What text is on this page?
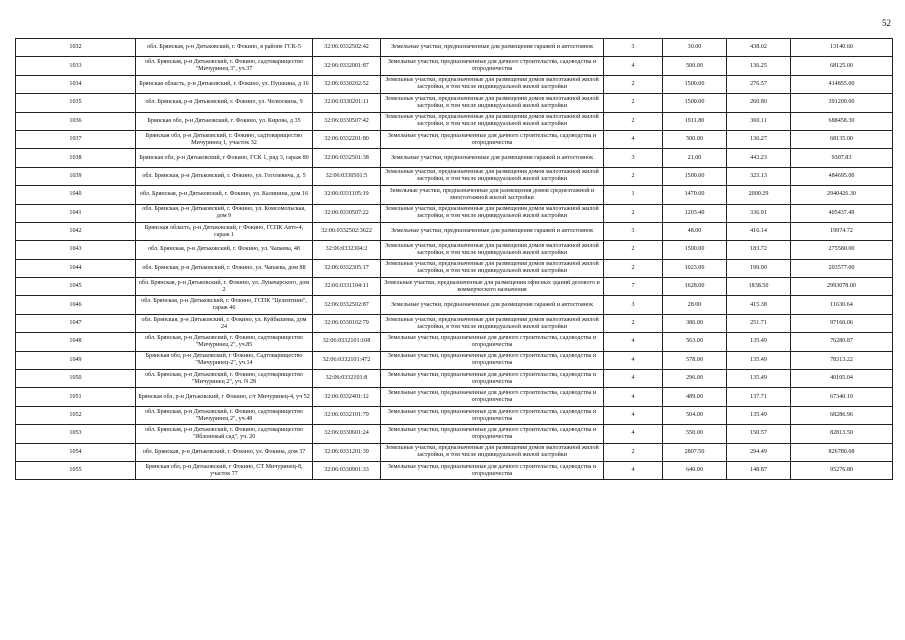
52
1032	обл. Брянская, р-н Дятьковский, г. Фокино, в районе ГСК-5	32:06:0332502:42	Земельные участки, предназначенные для размещения гаражей и автостоянок	3	30.00	438.02	13140.60
1033	обл. Брянская, р-н Дятьковский, г. Фокино, садтоварищество "Мичуринец 3", уч.37	32:06:0332001:87	Земельные участки, предназначенные для дачного строительства, садоводства и огородничества	4	500.00	136.25	68125.00
1034	Брянская область, р-н Дятьковский, г. Фокино, ул. Пушкина, д 16	32:06:0330202:52	Земельные участки, предназначенные для размещения домов малоэтажной жилой застройки, в том числе индивидуальной жилой застройки	2	1500.00	276.57	414855.00
1035	обл. Брянская, р-н Дятьковский, г. Фокино, ул. Челюскина, 9	32:06:0330201:11	Земельные участки, предназначенные для размещения домов малоэтажной жилой застройки, в том числе индивидуальной жилой застройки	2	1500.00	260.80	391200.00
1036	Брянская обл, р-н Дятьковский, г. Фокино, ул. Кирова, д 35	32:06:0330507:42	Земельные участки, предназначенные для размещения домов малоэтажной жилой застройки, в том числе индивидуальной жилой застройки	2	1911.80	360.11	688458.30
1037	Брянская обл, р-н Дятьковский, г. Фокино, садтоварищество Мичуринец 1, участок 32	32:06:0332201:80	Земельные участки, предназначенные для дачного строительства, садоводства и огородничества	4	500.00	136.27	68135.00
1038	Брянская обл, р-н Дятьковский, г Фокино, ГСК 1, ряд 3, гараж 80	32:06:0332501:38	Земельные участки, предназначенные для размещения гаражей и автостоянок	3	21.00	443.23	9307.83
1039	обл. Брянская, р-н Дятьковский, г. Фокино, ул. Гоголевича, д. 5	32:06:0330501:5	Земельные участки, предназначенные для размещения домов малоэтажной жилой застройки, в том числе индивидуальной жилой застройки	2	1500.00	323.13	484695.00
1040	обл. Брянская, р-н Дятьковский, г. Фокино, ул. Калинина, дом 16	32:06:0331105:19	Земельные участки, предназначенные для размещения домов среднеэтажной и многоэтажной жилой застройки	1	1470.00	2000.29	2940426.30
1041	обл. Брянская, р-н Дятьковский, г. Фокино, ул. Комсомольская, дом 9	32:06:0330507:22	Земельные участки, предназначенные для размещения домов малоэтажной жилой застройки, в том числе индивидуальной жилой застройки	2	1203.40	336.91	405437.49
1042	Брянская область, р-н Дятьковский, г Фокино, ГСПК Авто-4, гараж 1	32:06:0332502:3622	Земельные участки, предназначенные для размещения гаражей и автостоянок	3	48.00	416.14	19974.72
1043	обл. Брянская, р-н Дятьковский, г. Фокино, ул. Чапаева, 48	32:06:0332304:2	Земельные участки, предназначенные для размещения домов малоэтажной жилой застройки, в том числе индивидуальной жилой застройки	2	1500.00	183.72	275580.00
1044	обл. Брянская, р-н Дятьковский, г. Фокино, ул. Чапаева, дом 88	32:06:0332305:17	Земельные участки, предназначенные для размещения домов малоэтажной жилой застройки, в том числе индивидуальной жилой застройки	2	1023.00	199.00	203577.00
1045	обл. Брянская, р-н Дятьковский, г. Фокино, ул. Луначарского, дом 2	32:06:0331104:11	Земельные участки, предназначенные для размещения офисных зданий делового и коммерческого назначения	7	1628.00	1838.50	2993078.00
1046	обл. Брянская, р-н Дятьковский, г. Фокино, ГСПК "Целентиин", гараж 46	32:06:0332502:87	Земельные участки, предназначенные для размещения гаражей и автостоянок	3	28.00	415.38	11630.64
1047	обл. Брянская, р-н Дятьковский, г. Фокино, ул. Куйбышева, дом 24	32:06:0330102:79	Земельные участки, предназначенные для размещения домов малоэтажной жилой застройки, в том числе индивидуальной жилой застройки	2	386.00	251.71	97160.06
1048	обл. Брянская, р-н Дятьковский, г. Фокино, садтоварищество "Мичуринец 2", уч.85	32:06:0332101:108	Земельные участки, предназначенные для дачного строительства, садоводства и огородничества	4	563.00	135.49	76280.87
1049	Брянская обл, р-н Дятьковский, г Фокино, Садтоварищество "Мичуринец-2", уч.14	32:06:0332101:472	Земельные участки, предназначенные для дачного строительства, садоводства и огородничества	4	578.00	135.49	78313.22
1050	обл. Брянская, р-н Дятьковский, г. Фокино, садтоварищество "Мичуринец 2", уч. N 28	32:06:0332101:8	Земельные участки, предназначенные для дачного строительства, садоводства и огородничества	4	296.00	135.49	40105.04
1051	Брянская обл, р-н Дятьковский, г Фокино, с/т Мичуринец-4, уч 52	32:06:0332401:12	Земельные участки, предназначенные для дачного строительства, садоводства и огородничества	4	489.00	137.71	67340.19
1052	обл. Брянская, р-н Дятьковский, г. Фокино, садтоварищество "Мичуринец 2", уч.48	32:06:0332101:79	Земельные участки, предназначенные для дачного строительства, садоводства и огородничества	4	504.00	135.49	68286.96
1053	обл. Брянская, р-н Дятьковский, г. Фокино, садтоварищество "Яблоневый сад", уч. 20	32:06:0330601:24	Земельные участки, предназначенные для дачного строительства, садоводства и огородничества	4	550.00	150.57	82813.50
1054	обл. Брянская, р-н Дятьковский, г. Фокино, ул. Фокина, дом 37	32:06:0331201:39	Земельные участки, предназначенные для размещения домов малоэтажной жилой застройки, в том числе индивидуальной жилой застройки	2	2807.50	294.49	826780.68
1055	Брянская обл, р-н Дятьковский, г Фокино, СТ Мичуринец-8, участок 77	32:06:0330901:33	Земельные участки, предназначенные для дачного строительства, садоводства и огородничества	4	640.00	148.87	95276.80
